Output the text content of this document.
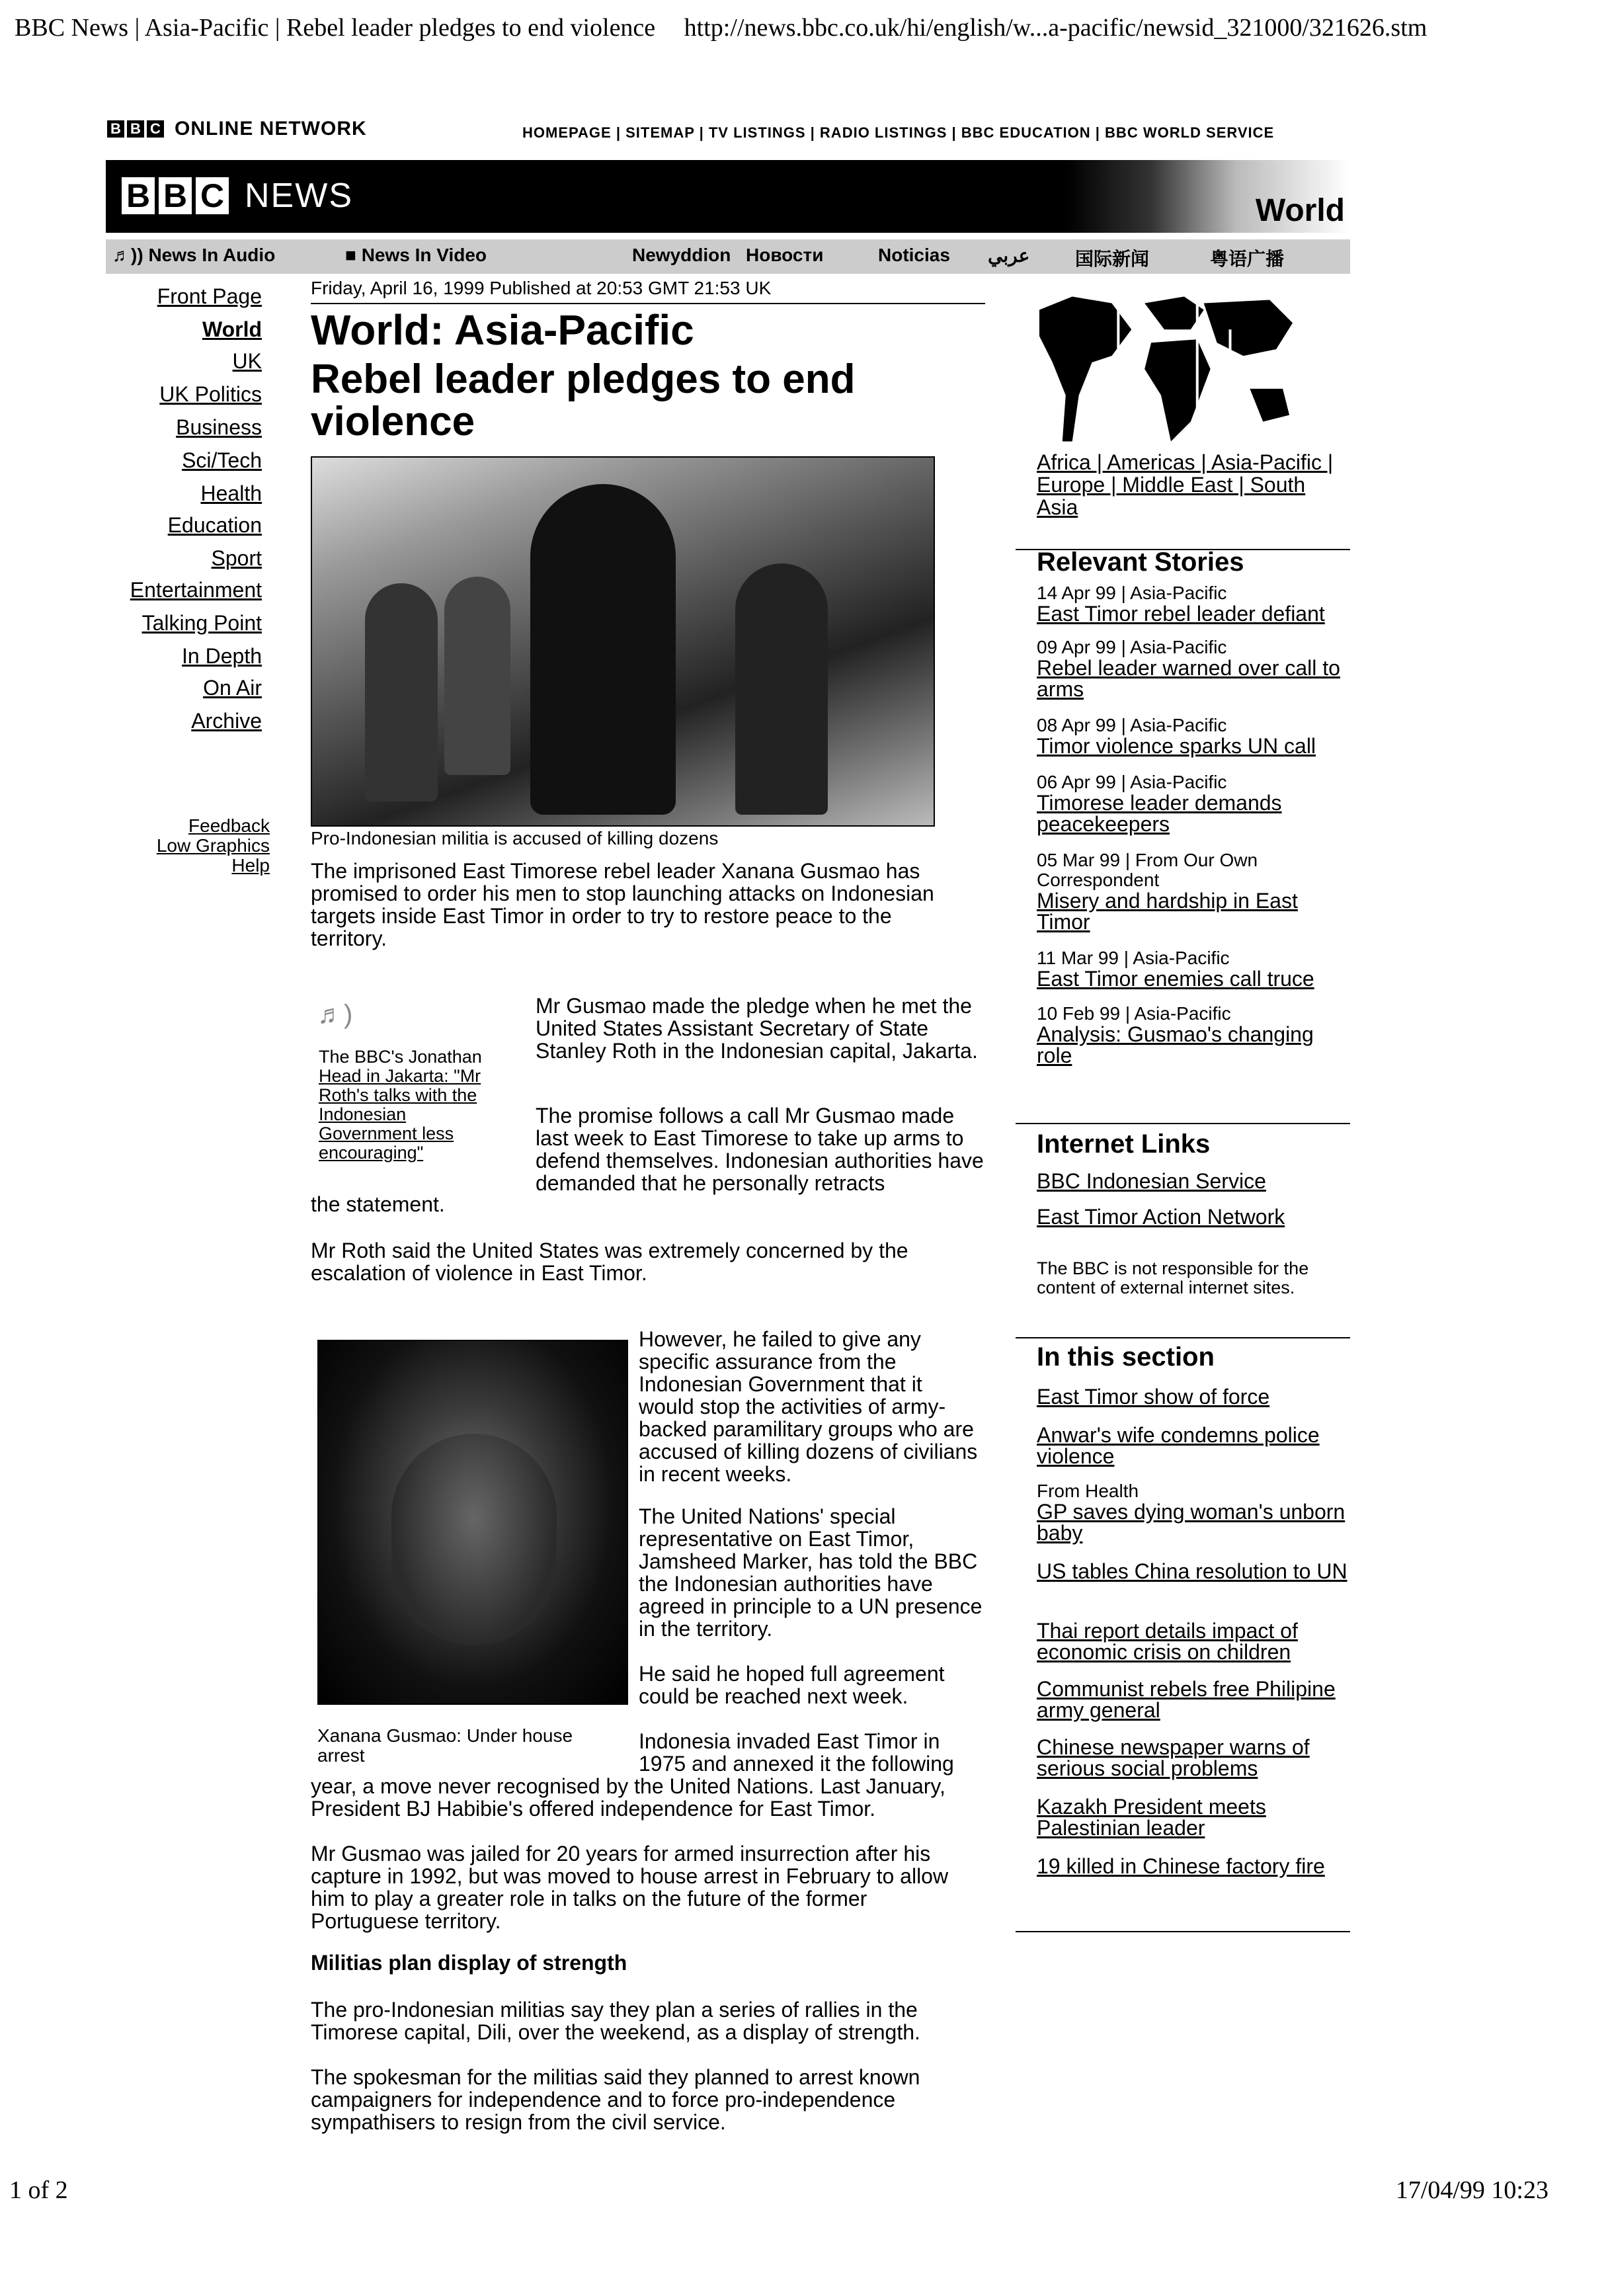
BBC News | Asia-Pacific | Rebel leader pledges to end violence http://news.bbc.co.uk/hi/english/w...a-pacific/newsid_321000/321626.stm
B B C ONLINE NETWORK	HOMEPAGE | SITEMAP | TV LISTINGS | RADIO LISTINGS | BBC EDUCATION | BBC WORLD SERVICE
B B C NEWS	World
♬)) News In Audio	■ News In Video	Newyddion Новости	Noticias عربي 国际新闻	粤语广播
Front Page
World
UK
UK Politics
Business
Sci/Tech
Health
Education
Sport
Entertainment
Talking Point
In Depth
On Air
Archive
Feedback
Low Graphics
Help
Friday, April 16, 1999 Published at 20:53 GMT 21:53 UK
World: Asia-Pacific
Rebel leader pledges to end violence
Pro-Indonesian militia is accused of killing dozens
The imprisoned East Timorese rebel leader Xanana Gusmao has promised to order his men to stop launching attacks on Indonesian targets inside East Timor in order to try to restore peace to the territory.
♬)
The BBC's Jonathan Head in Jakarta: "Mr Roth's talks with the Indonesian Government less encouraging"
Mr Gusmao made the pledge when he met the United States Assistant Secretary of State Stanley Roth in the Indonesian capital, Jakarta.
The promise follows a call Mr Gusmao made last week to East Timorese to take up arms to defend themselves. Indonesian authorities have demanded that he personally retracts
the statement.
Mr Roth said the United States was extremely concerned by the escalation of violence in East Timor.
However, he failed to give any specific assurance from the Indonesian Government that it would stop the activities of army-backed paramilitary groups who are accused of killing dozens of civilians in recent weeks.
The United Nations' special representative on East Timor, Jamsheed Marker, has told the BBC the Indonesian authorities have agreed in principle to a UN presence in the territory.
He said he hoped full agreement could be reached next week.
Xanana Gusmao: Under house arrest
Indonesia invaded East Timor in 1975 and annexed it the following
year, a move never recognised by the United Nations. Last January, President BJ Habibie's offered independence for East Timor.
Mr Gusmao was jailed for 20 years for armed insurrection after his capture in 1992, but was moved to house arrest in February to allow him to play a greater role in talks on the future of the former Portuguese territory.
Militias plan display of strength
The pro-Indonesian militias say they plan a series of rallies in the Timorese capital, Dili, over the weekend, as a display of strength.
The spokesman for the militias said they planned to arrest known campaigners for independence and to force pro-independence sympathisers to resign from the civil service.
Africa | Americas | Asia-Pacific | Europe | Middle East | South Asia
Relevant Stories
14 Apr 99 | Asia-Pacific
East Timor rebel leader defiant
09 Apr 99 | Asia-Pacific
Rebel leader warned over call to arms
08 Apr 99 | Asia-Pacific
Timor violence sparks UN call
06 Apr 99 | Asia-Pacific
Timorese leader demands peacekeepers
05 Mar 99 | From Our Own Correspondent
Misery and hardship in East Timor
11 Mar 99 | Asia-Pacific
East Timor enemies call truce
10 Feb 99 | Asia-Pacific
Analysis: Gusmao's changing role
Internet Links
BBC Indonesian Service
East Timor Action Network
The BBC is not responsible for the content of external internet sites.
In this section
East Timor show of force
Anwar's wife condemns police violence
From Health
GP saves dying woman's unborn baby
US tables China resolution to UN
Thai report details impact of economic crisis on children
Communist rebels free Philipine army general
Chinese newspaper warns of serious social problems
Kazakh President meets Palestinian leader
19 killed in Chinese factory fire
1 of 2	17/04/99 10:23
